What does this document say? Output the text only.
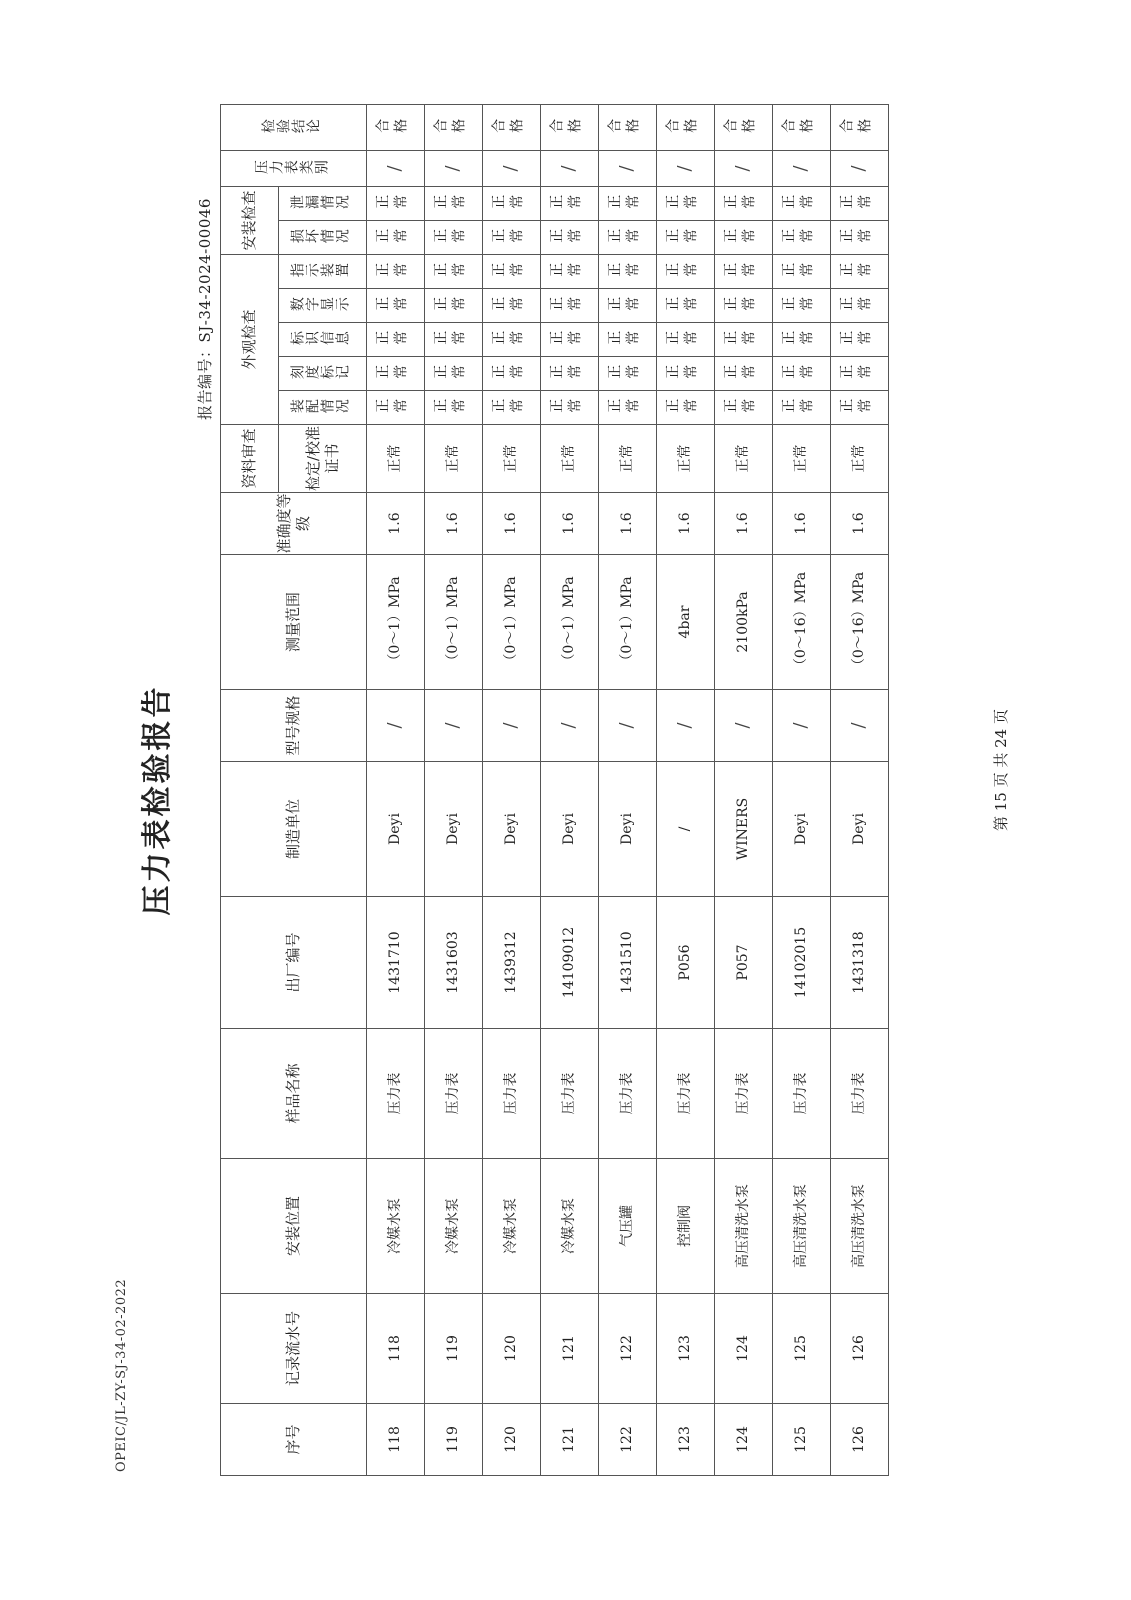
OPEIC/JL-ZY-SJ-34-02-2022
压力表检验报告
报告编号：SJ-34-2024-00046
序号	记录流水号	安装位置	样品名称	出厂编号	制造单位	型号规格	测量范围	准确度等级	资料审查	外观检查					安装检查		压力表类别	检验结论
									检定/校准证书	装配情况	刻度标记	标识信息	数字显示	指示装置	损坏情况	泄漏情况		
118	118	冷媒水泵	压力表	1431710	Deyi	/	（0～1）MPa	1.6	正常	正常	正常	正常	正常	正常	正常	正常	/	合格
119	119	冷媒水泵	压力表	1431603	Deyi	/	（0～1）MPa	1.6	正常	正常	正常	正常	正常	正常	正常	正常	/	合格
120	120	冷媒水泵	压力表	1439312	Deyi	/	（0～1）MPa	1.6	正常	正常	正常	正常	正常	正常	正常	正常	/	合格
121	121	冷媒水泵	压力表	14109012	Deyi	/	（0～1）MPa	1.6	正常	正常	正常	正常	正常	正常	正常	正常	/	合格
122	122	气压罐	压力表	1431510	Deyi	/	（0～1）MPa	1.6	正常	正常	正常	正常	正常	正常	正常	正常	/	合格
123	123	控制阀	压力表	P056	/	/	4bar	1.6	正常	正常	正常	正常	正常	正常	正常	正常	/	合格
124	124	高压清洗水泵	压力表	P057	WINERS	/	2100kPa	1.6	正常	正常	正常	正常	正常	正常	正常	正常	/	合格
125	125	高压清洗水泵	压力表	14102015	Deyi	/	（0～16）MPa	1.6	正常	正常	正常	正常	正常	正常	正常	正常	/	合格
126	126	高压清洗水泵	压力表	1431318	Deyi	/	（0～16）MPa	1.6	正常	正常	正常	正常	正常	正常	正常	正常	/	合格
第 15 页 共 24 页
